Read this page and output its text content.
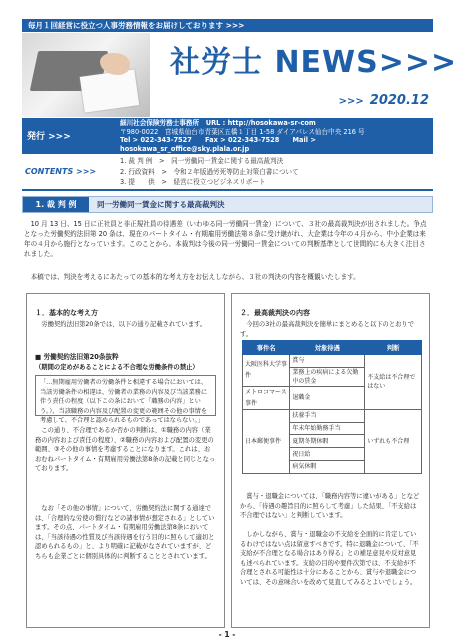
毎月１回経営に役立つ人事労務情報をお届けしております >>>
社労士 NEWS>>>
>>> 2020.12
発行 >>>
細川社会保険労務士事務所　URL : http://hosokawa-sr-com
〒980-0022　宮城県仙台市青葉区五橋１丁目 1-58 ダイアパレス仙台中央 216 号
Tel > 022-343-7527　　Fax > 022-343-7528　　Mail > hosokawa_sr_office@sky.plala.or.jp
CONTENTS >>>
1. 裁 判 例　>　同一労働同一賃金に関する最高裁判決
2. 行政資料　>　令和２年版過労死等防止対策白書について
3. 提　　供　>　経営に役立つビジネスリポート
1. 裁 判 例	同一労働同一賃金に関する最高裁判決
10 月 13 日、15 日に正社員と非正規社員の待遇差（いわゆる同一労働同一賃金）について、３社の最高裁判決が出されました。争点となった労働契約法旧第 20 条は、現在のパートタイム・有期雇用労働法第８条に受け継がれ、大企業は今年の４月から、中小企業は来年の４月から施行となっています。このことから、本裁判は今後の同一労働同一賃金についての判断基準として世間的にも大きく注目されました。
本稿では、判決を考えるにあたっての基本的な考え方をお伝えしながら、３社の判決の内容を概観いたします。
１．基本的な考え方
労働契約法旧第20条では、以下の通り記載されています。
■ 労働契約法旧第20条抜粋
（期間の定めがあることによる不合理な労働条件の禁止）
「…無期雇用労働者の労働条件と相違する場合においては、当該労働条件の相違は、労働者の業務の内容及び当該業務に伴う責任の程度（以下この条において「職務の内容」という。）、当該職務の内容及び配置の変更の範囲その他の事情を考慮して、不合理と認められるものであってはならない。」
この通り、不合理であるか否かの判断は、①職務の内容（業務の内容および責任の程度）、②職務の内容および配置の変更の範囲、③その他の事情を考慮することになります。これは、おおむねパートタイム・有期雇用労働法第8条の記載と同じとなっております。
なお「その他の事情」について、労働契約法に関する通達では、「合理的な労使の慣行などの諸事情が想定される」としています。その点、パートタイム・有期雇用労働法第8条においては、「当該待遇の性質及び当該待遇を行う目的に照らして適切と認められるもの」と、より明確に記載がなされていますが、どちらも企業ごとに個別具体的に判断することとされています。
２．最高裁判決の内容
今回の3社の最高裁判決を簡単にまとめると以下のとおりです。
事件名	対象待遇	判断
大阪医科大学事件	賞与	不支給は不合理ではない
	業務上の疾病による欠勤中の賃金	

メトロコマース事件	退職金	
日本郵便事件	扶養手当	いずれも不合理
	年末年始勤務手当	
	夏期冬期休暇	
	祝日給	
	病気休暇	
賞与・退職金については、「職務内容等に違いがある」となどから、「待遇の趣旨目的に照らして考慮」した結果、「不支給は不合理ではない」と判断しています。
しかしながら、賞与・退職金の不支給を全面的に肯定しているわけではない点は留意すべきです。特に退職金について、「不支給が不合理となる場合はあり得る」との補足意見や反対意見も述べられています。支給の目的や要件次第では、不支給が不合理とされる可能性は十分にあることから、賞与や退職金については、その意味合いを改めて見直してみるとよいでしょう。
- 1 -
